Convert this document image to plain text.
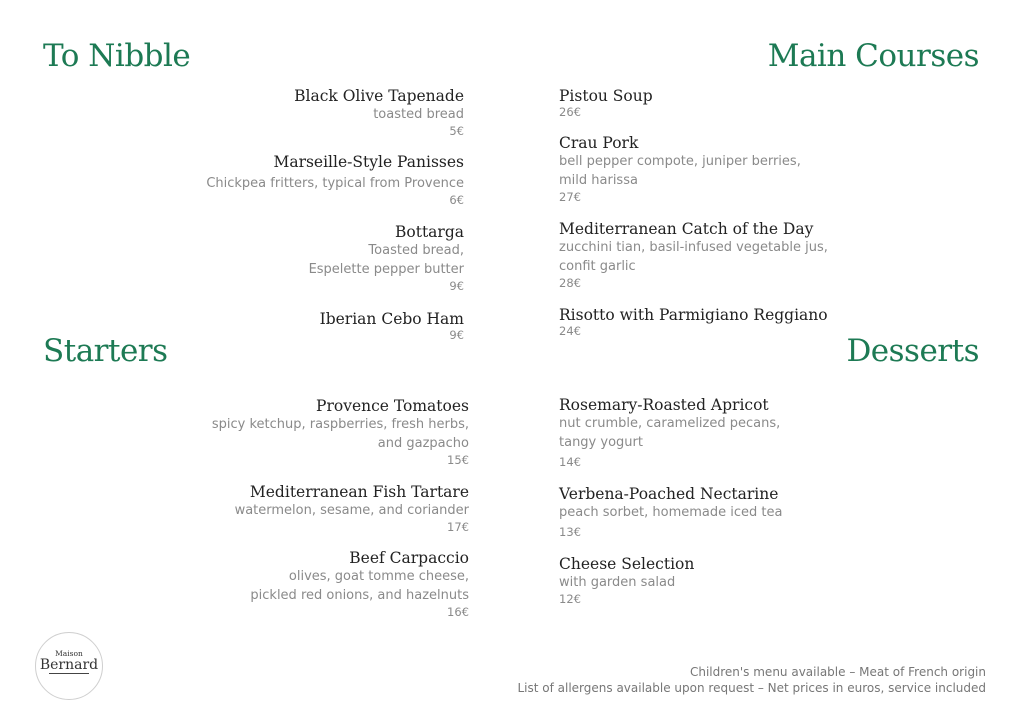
To Nibble
Starters
Main Courses
Desserts
Black Olive Tapenade
toasted bread
5€
Marseille-Style Panisses
Chickpea fritters, typical from Provence
6€
Bottarga
Toasted bread,
Espelette pepper butter
9€
Iberian Cebo Ham
9€
Provence Tomatoes
spicy ketchup, raspberries, fresh herbs,
and gazpacho
15€
Mediterranean Fish Tartare
watermelon, sesame, and coriander
17€
Beef Carpaccio
olives, goat tomme cheese,
pickled red onions, and hazelnuts
16€
Pistou Soup
26€
Crau Pork
bell pepper compote, juniper berries,
mild harissa
27€
Mediterranean Catch of the Day
zucchini tian, basil-infused vegetable jus,
confit garlic
28€
Risotto with Parmigiano Reggiano
24€
Rosemary-Roasted Apricot
nut crumble, caramelized pecans,
tangy yogurt
14€
Verbena-Poached Nectarine
peach sorbet, homemade iced tea
13€
Cheese Selection
with garden salad
12€
Maison
Bernard	Children's menu available – Meat of French origin
List of allergens available upon request – Net prices in euros, service included
